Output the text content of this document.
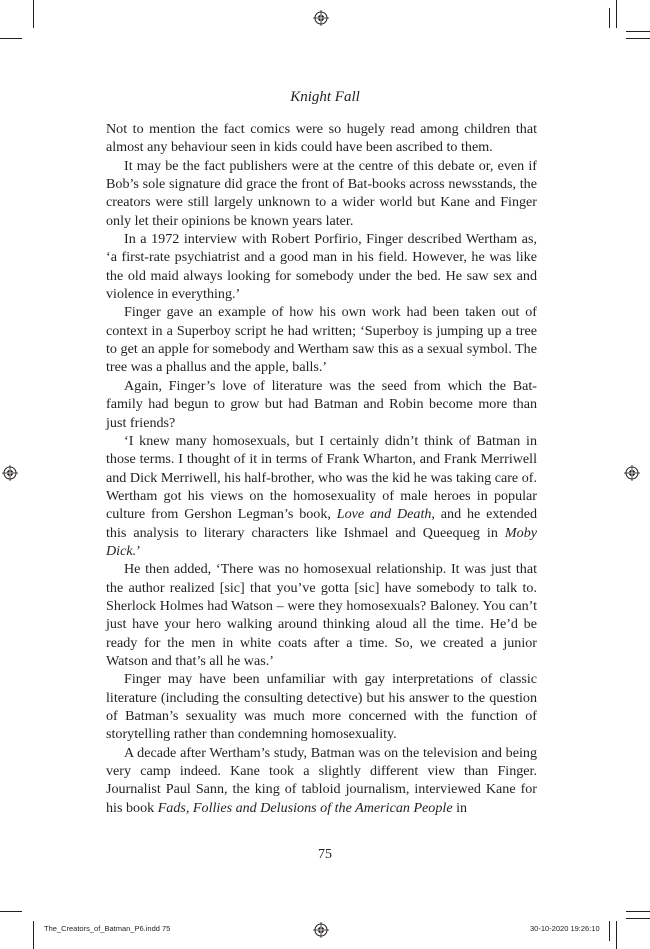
Knight Fall

Not to mention the fact comics were so hugely read among children that almost any behaviour seen in kids could have been ascribed to them.

It may be the fact publishers were at the centre of this debate or, even if Bob’s sole signature did grace the front of Bat-books across newsstands, the creators were still largely unknown to a wider world but Kane and Finger only let their opinions be known years later.

In a 1972 interview with Robert Porfirio, Finger described Wertham as, ‘a first-rate psychiatrist and a good man in his field. However, he was like the old maid always looking for somebody under the bed. He saw sex and violence in everything.’

Finger gave an example of how his own work had been taken out of context in a Superboy script he had written; ‘Superboy is jumping up a tree to get an apple for somebody and Wertham saw this as a sexual symbol. The tree was a phallus and the apple, balls.’

Again, Finger’s love of literature was the seed from which the Bat-family had begun to grow but had Batman and Robin become more than just friends?

‘I knew many homosexuals, but I certainly didn’t think of Batman in those terms. I thought of it in terms of Frank Wharton, and Frank Merriwell and Dick Merriwell, his half-brother, who was the kid he was taking care of. Wertham got his views on the homosexuality of male heroes in popular culture from Gershon Legman’s book, Love and Death, and he extended this analysis to literary characters like Ishmael and Queequeg in Moby Dick.’

He then added, ‘There was no homosexual relationship. It was just that the author realized [sic] that you’ve gotta [sic] have somebody to talk to. Sherlock Holmes had Watson – were they homosexuals? Baloney. You can’t just have your hero walking around thinking aloud all the time. He’d be ready for the men in white coats after a time. So, we created a junior Watson and that’s all he was.’

Finger may have been unfamiliar with gay interpretations of classic literature (including the consulting detective) but his answer to the question of Batman’s sexuality was much more concerned with the function of storytelling rather than condemning homosexuality.

A decade after Wertham’s study, Batman was on the television and being very camp indeed. Kane took a slightly different view than Finger. Journalist Paul Sann, the king of tabloid journalism, interviewed Kane for his book Fads, Follies and Delusions of the American People in

75
The_Creators_of_Batman_P6.indd 75	30-10-2020 19:26:10
